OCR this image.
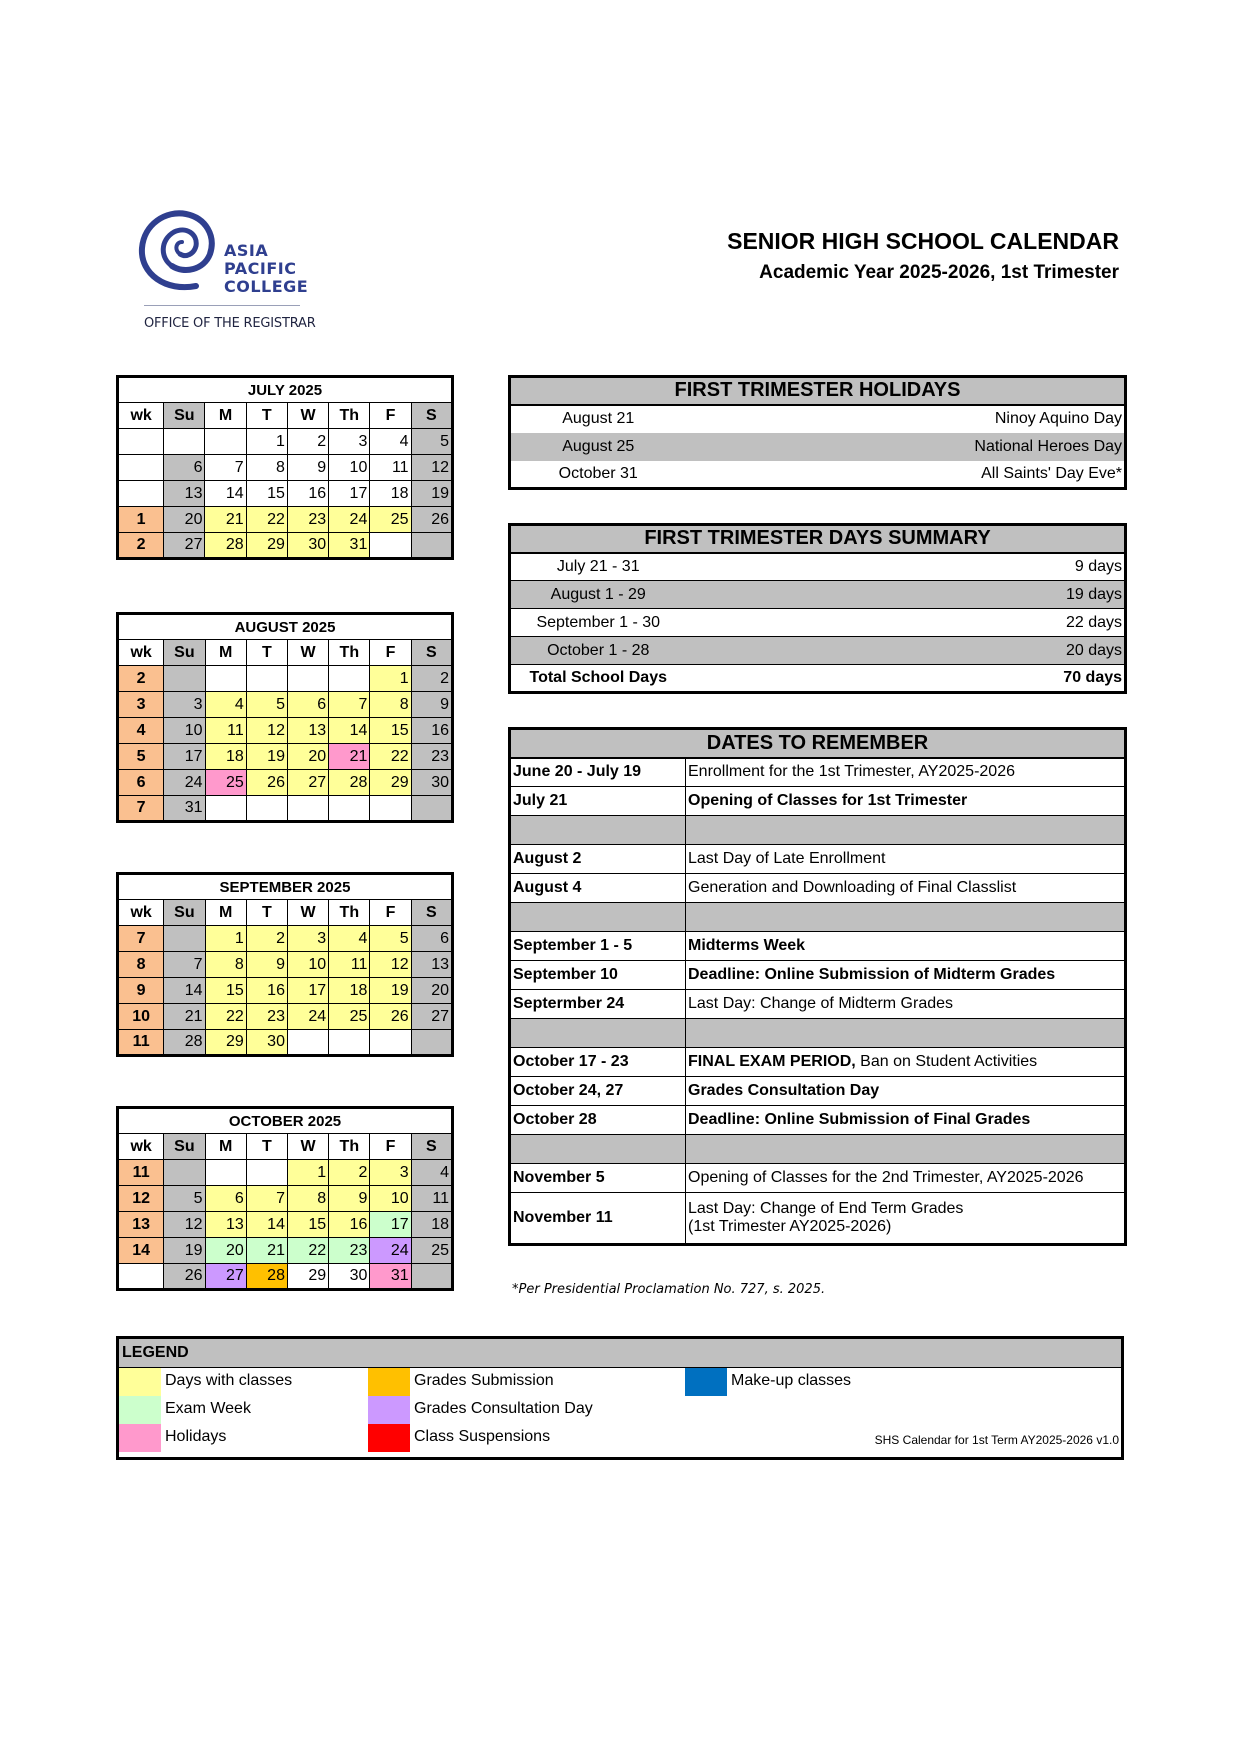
ASIA
PACIFIC
COLLEGE
OFFICE OF THE REGISTRAR
SENIOR HIGH SCHOOL CALENDAR
Academic Year 2025-2026, 1st Trimester
JULY 2025							
wk	Su	M	T	W	Th	F	S
			1	2	3	4	5
	6	7	8	9	10	11	12
	13	14	15	16	17	18	19
1	20	21	22	23	24	25	26
2	27	28	29	30	31		
AUGUST 2025							
wk	Su	M	T	W	Th	F	S
2						1	2
3	3	4	5	6	7	8	9
4	10	11	12	13	14	15	16
5	17	18	19	20	21	22	23
6	24	25	26	27	28	29	30
7	31						
SEPTEMBER 2025							
wk	Su	M	T	W	Th	F	S
7		1	2	3	4	5	6
8	7	8	9	10	11	12	13
9	14	15	16	17	18	19	20
10	21	22	23	24	25	26	27
11	28	29	30				
OCTOBER 2025							
wk	Su	M	T	W	Th	F	S
11				1	2	3	4
12	5	6	7	8	9	10	11
13	12	13	14	15	16	17	18
14	19	20	21	22	23	24	25
	26	27	28	29	30	31	
FIRST TRIMESTER HOLIDAYS	
August 21	Ninoy Aquino Day
August 25	National Heroes Day
October 31	All Saints' Day Eve*
FIRST TRIMESTER DAYS SUMMARY	
July 21 - 31	9 days
August 1 - 29	19 days
September 1 - 30	22 days
October 1 - 28	20 days
Total School Days	70 days
DATES TO REMEMBER	
June 20 - July 19	Enrollment for the 1st Trimester, AY2025-2026
July 21	Opening of Classes for 1st Trimester

August 2	Last Day of Late Enrollment
August 4	Generation and Downloading of Final Classlist

September 1 - 5	Midterms Week
September 10	Deadline: Online Submission of Midterm Grades
Septermber 24	Last Day: Change of Midterm Grades

October 17 - 23	FINAL EXAM PERIOD, Ban on Student Activities
October 24, 27	Grades Consultation Day
October 28	Deadline: Online Submission of Final Grades

November 5	Opening of Classes for the 2nd Trimester, AY2025-2026
November 11	Last Day: Change of End Term Grades
(1st Trimester AY2025-2026)
*Per Presidential Proclamation No. 727, s. 2025.
LEGEND
Days with classes
Exam Week
Holidays
Grades Submission
Grades Consultation Day
Class Suspensions
Make-up classes
SHS Calendar for 1st Term AY2025-2026 v1.0
